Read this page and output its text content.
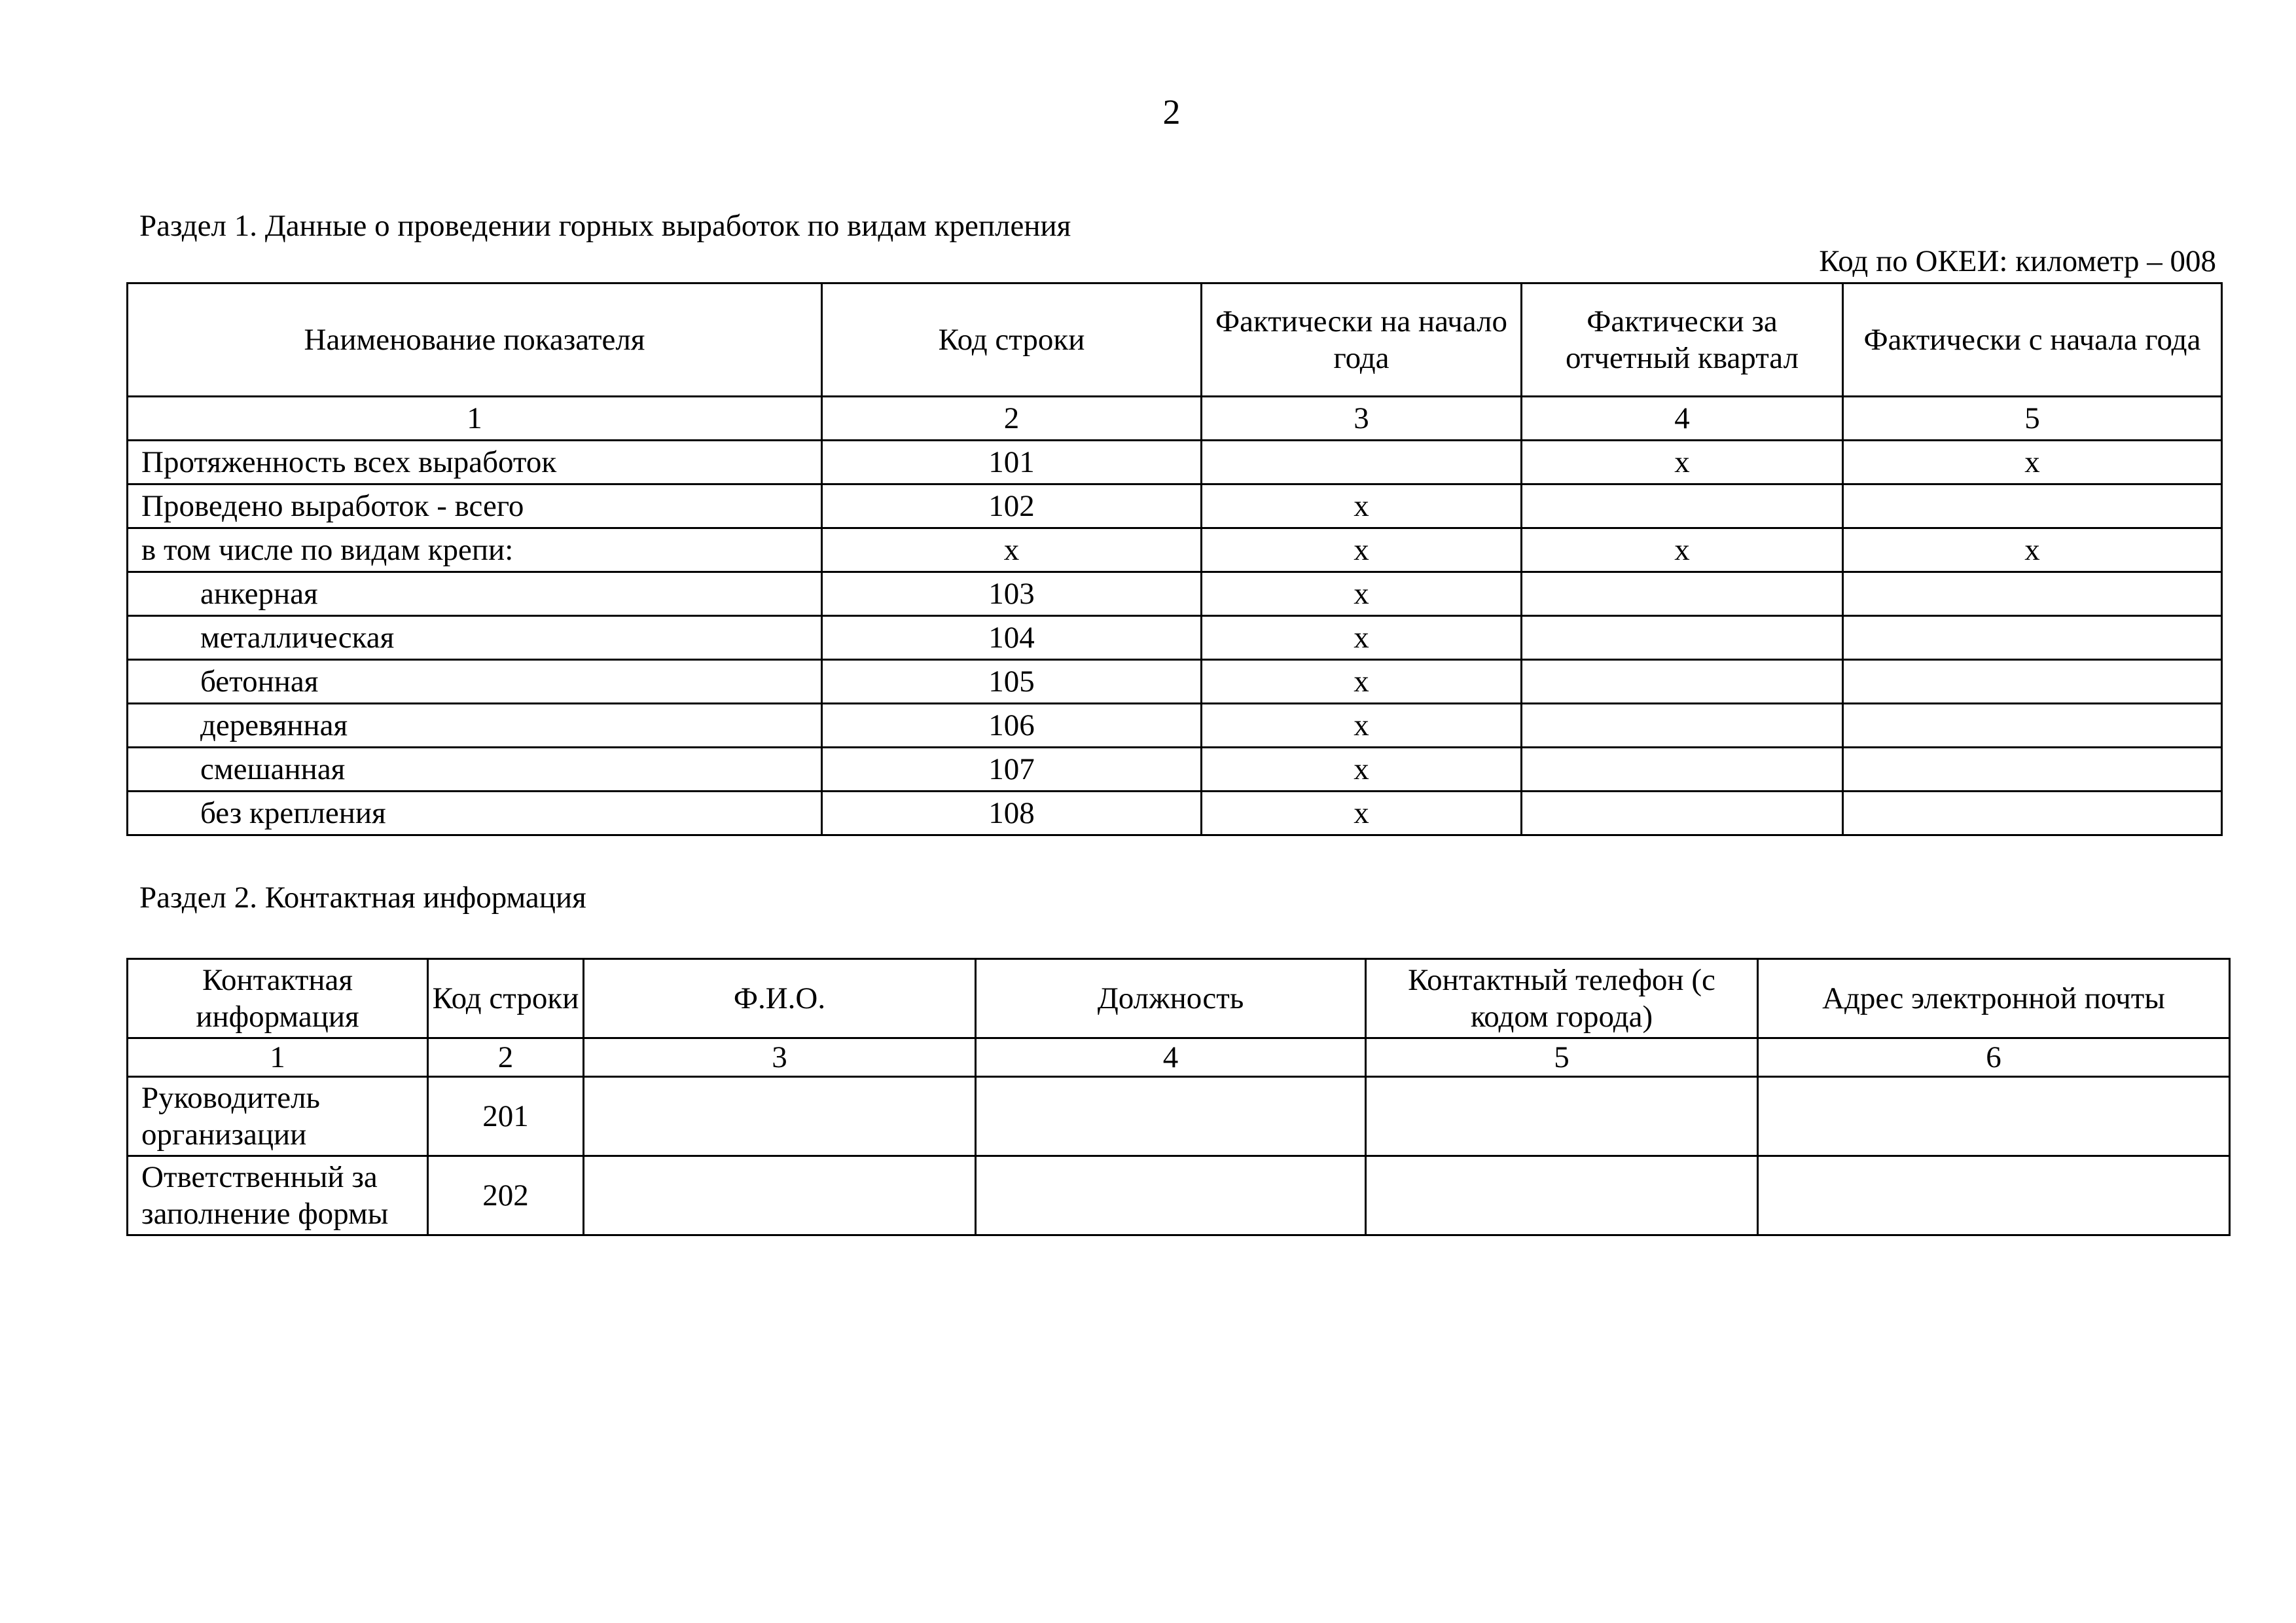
2
Раздел 1. Данные о проведении горных выработок по видам крепления
Код по ОКЕИ: километр – 008
Наименование показателя	Код строки	Фактически на начало года	Фактически за отчетный квартал	Фактически с начала года
1	2	3	4	5
Протяженность всех выработок	101		x	x
Проведено выработок - всего	102	x		
в том числе по видам крепи:	x	x	x	x
анкерная	103	x		
металлическая	104	x		
бетонная	105	x		
деревянная	106	x		
смешанная	107	x		
без крепления	108	x		
Раздел 2. Контактная информация
Контактная информация	Код строки	Ф.И.О.	Должность	Контактный телефон (с кодом города)	Адрес электронной почты
1	2	3	4	5	6
Руководитель организации	201				
Ответственный за заполнение формы	202				
